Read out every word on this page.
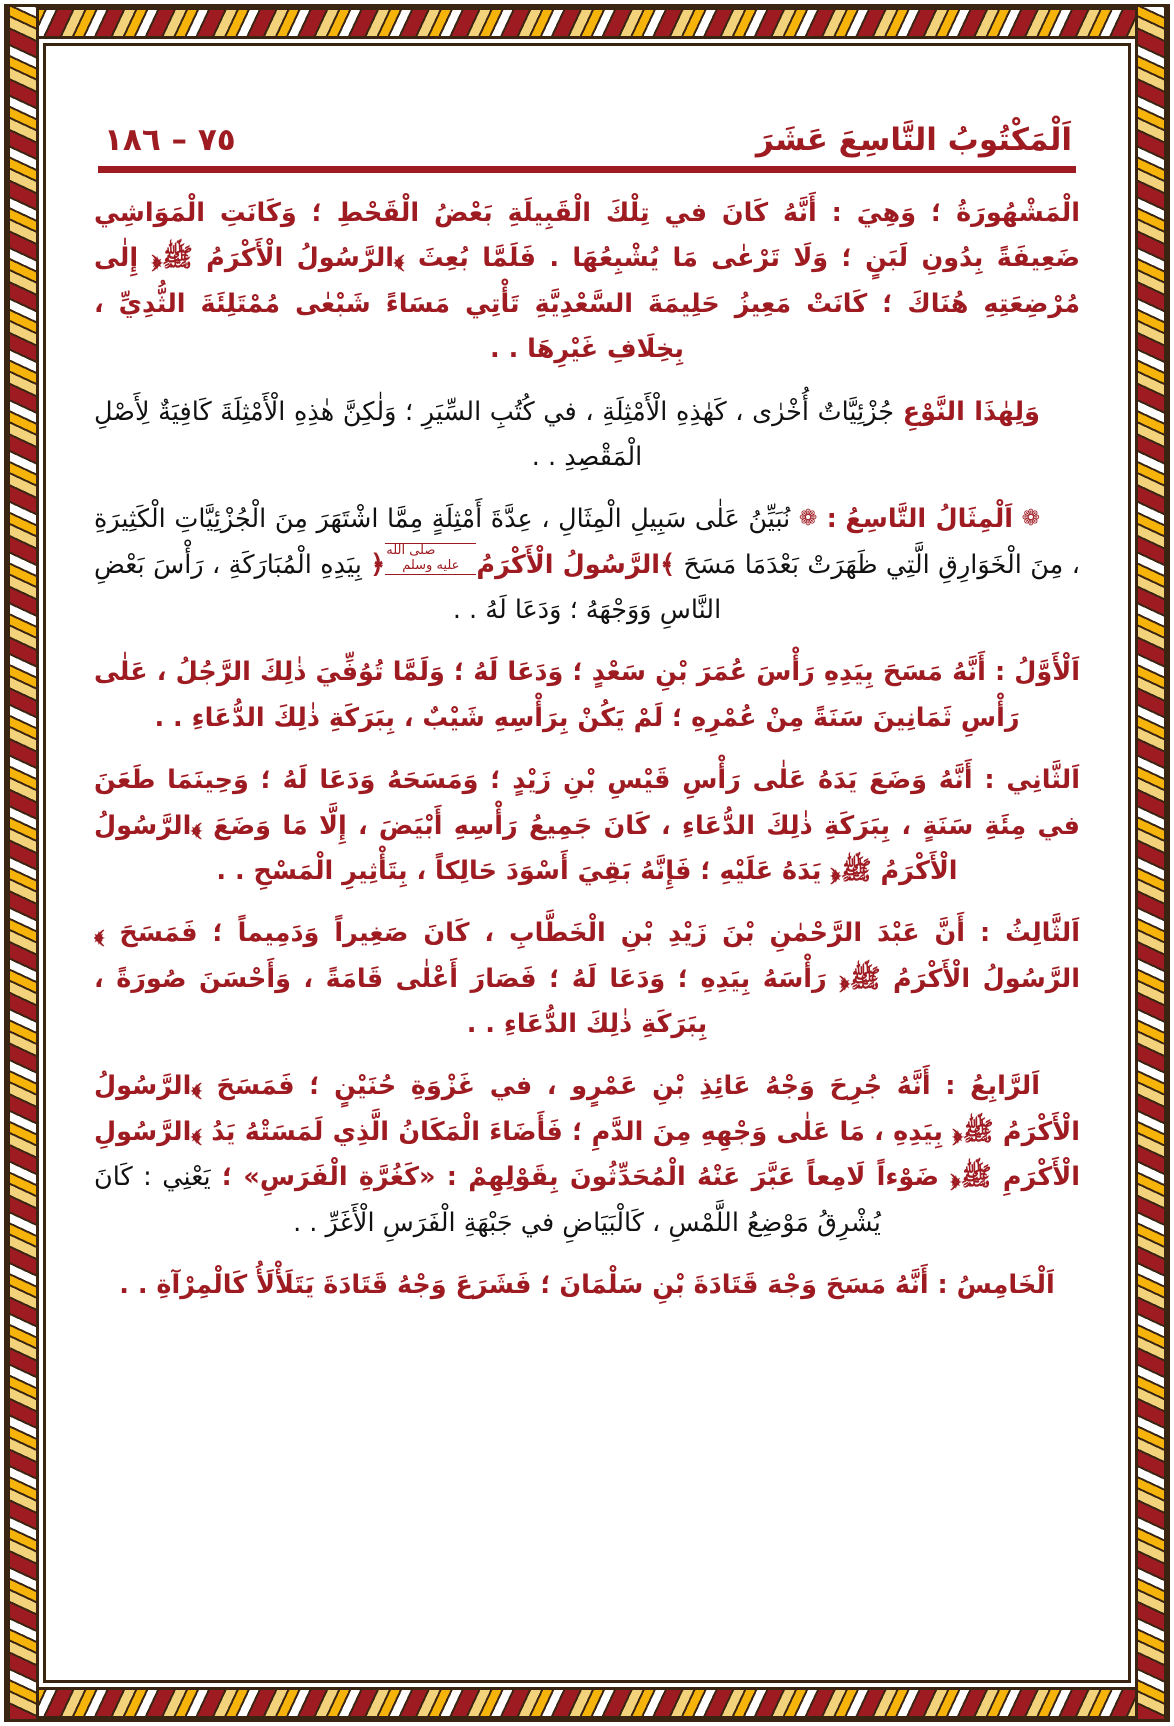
اَلْمَكْتُوبُ التَّاسِعَ عَشَرَ
٧٥ – ١٨٦

الْمَشْهُورَةُ ؛ وَهِيَ : أَنَّهُ كَانَ في تِلْكَ الْقَبِيلَةِ بَعْضُ الْقَحْطِ ؛ وَكَانَتِ الْمَوَاشِي ضَعِيفَةً بِدُونِ لَبَنٍ ؛ وَلَا تَرْعٰى مَا يُشْبِعُهَا . فَلَمَّا بُعِثَ ﴾الرَّسُولُ الْأَكْرَمُ ﷺ﴿ إِلٰى مُرْضِعَتِهِ هُنَاكَ ؛ كَانَتْ مَعِيزُ حَلِيمَةَ السَّعْدِيَّةِ تَأْتِي مَسَاءً شَبْعٰى مُمْتَلِئَةَ الثُّدِيِّ ، بِخِلَافِ غَيْرِهَا . .

وَلِهٰذَا النَّوْعِ جُزْئِيَّاتٌ أُخْرٰى ، كَهٰذِهِ الْأَمْثِلَةِ ، في كُتُبِ السِّيَرِ ؛ وَلٰكِنَّ هٰذِهِ الْأَمْثِلَةَ كَافِيَةٌ لِأَصْلِ الْمَقْصِدِ . .

❁ اَلْمِثَالُ التَّاسِعُ : ❁ نُبَيِّنُ عَلٰى سَبِيلِ الْمِثَالِ ، عِدَّةَ أَمْثِلَةٍ مِمَّا اشْتَهَرَ مِنَ الْجُزْئِيَّاتِ الْكَثِيرَةِ ، مِنَ الْخَوَارِقِ الَّتِي ظَهَرَتْ بَعْدَمَا مَسَحَ ﴾الرَّسُولُ الْأَكْرَمُصلى الله
عليه وسلم﴿ بِيَدِهِ الْمُبَارَكَةِ ، رَأْسَ بَعْضِ النَّاسِ وَوَجْهَهُ ؛ وَدَعَا لَهُ . .

اَلْأَوَّلُ : أَنَّهُ مَسَحَ بِيَدِهِ رَأْسَ عُمَرَ بْنِ سَعْدٍ ؛ وَدَعَا لَهُ ؛ وَلَمَّا تُوُفِّيَ ذٰلِكَ الرَّجُلُ ، عَلٰى رَأْسِ ثَمَانِينَ سَنَةً مِنْ عُمْرِهِ ؛ لَمْ يَكُنْ بِرَأْسِهِ شَيْبٌ ، بِبَرَكَةِ ذٰلِكَ الدُّعَاءِ . .

اَلثَّانِي : أَنَّهُ وَضَعَ يَدَهُ عَلٰى رَأْسِ قَيْسِ بْنِ زَيْدٍ ؛ وَمَسَحَهُ وَدَعَا لَهُ ؛ وَحِينَمَا طَعَنَ في مِئَةِ سَنَةٍ ، بِبَرَكَةِ ذٰلِكَ الدُّعَاءِ ، كَانَ جَمِيعُ رَأْسِهِ أَبْيَضَ ، إِلَّا مَا وَضَعَ ﴾الرَّسُولُ الْأَكْرَمُ ﷺ﴿ يَدَهُ عَلَيْهِ ؛ فَإِنَّهُ بَقِيَ أَسْوَدَ حَالِكاً ، بِتَأْثِيرِ الْمَسْحِ . .

اَلثَّالِثُ : أَنَّ عَبْدَ الرَّحْمٰنِ بْنَ زَيْدِ بْنِ الْخَطَّابِ ، كَانَ صَغِيراً وَدَمِيماً ؛ فَمَسَحَ ﴾الرَّسُولُ الْأَكْرَمُ ﷺ﴿ رَأْسَهُ بِيَدِهِ ؛ وَدَعَا لَهُ ؛ فَصَارَ أَعْلٰى قَامَةً ، وَأَحْسَنَ صُورَةً ، بِبَرَكَةِ ذٰلِكَ الدُّعَاءِ . .

اَلرَّابِعُ : أَنَّهُ جُرِحَ وَجْهُ عَائِذِ بْنِ عَمْرٍو ، في غَزْوَةِ حُنَيْنٍ ؛ فَمَسَحَ ﴾الرَّسُولُ الْأَكْرَمُ ﷺ﴿ بِيَدِهِ ، مَا عَلٰى وَجْهِهِ مِنَ الدَّمِ ؛ فَأَضَاءَ الْمَكَانُ الَّذِي لَمَسَتْهُ يَدُ ﴾الرَّسُولِ الْأَكْرَمِ ﷺ﴿ ضَوْءاً لَامِعاً عَبَّرَ عَنْهُ الْمُحَدِّثُونَ بِقَوْلِهِمْ : «كَغُرَّةِ الْفَرَسِ» ؛ يَعْنِي : كَانَ يُشْرِقُ مَوْضِعُ اللَّمْسِ ، كَالْبَيَاضِ في جَبْهَةِ الْفَرَسِ الْأَغَرِّ . .

اَلْخَامِسُ : أَنَّهُ مَسَحَ وَجْهَ قَتَادَةَ بْنِ سَلْمَانَ ؛ فَشَرَعَ وَجْهُ قَتَادَةَ يَتَلَأْلَأُ كَالْمِرْآةِ . .
